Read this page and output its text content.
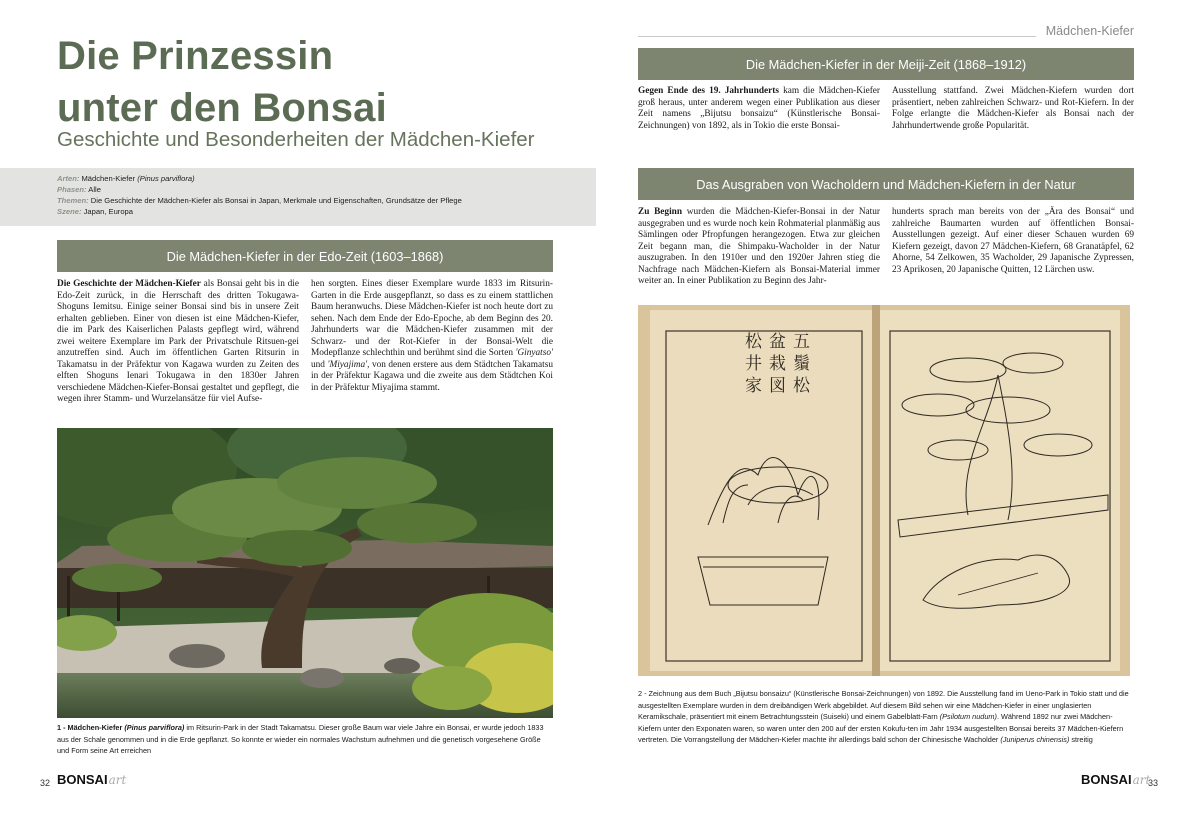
Die Prinzessin
unter den Bonsai
Geschichte und Besonderheiten der Mädchen-Kiefer
Arten: Mädchen-Kiefer (Pinus parviflora)
Phasen: Alle
Themen: Die Geschichte der Mädchen-Kiefer als Bonsai in Japan, Merkmale und Eigenschaften, Grundsätze der Pflege
Szene: Japan, Europa
Die Mädchen-Kiefer in der Edo-Zeit (1603–1868)
Die Geschichte der Mädchen-Kiefer als Bonsai geht bis in die Edo-Zeit zurück, in die Herrschaft des dritten Tokugawa-Shoguns Iemitsu. Einige seiner Bonsai sind bis in unsere Zeit erhalten geblieben. Einer von diesen ist eine Mädchen-Kiefer, die im Park des Kaiserlichen Palasts gepflegt wird, während zwei weitere Exemplare im Park der Privatschule Ritsuen-gei anzutreffen sind. Auch im öffentlichen Garten Ritsurin in Takamatsu in der Präfektur von Kagawa wurden zu Zeiten des elften Shoguns Ienari Tokugawa in den 1830er Jahren verschiedene Mädchen-Kiefer-Bonsai gestaltet und gepflegt, die wegen ihrer Stamm- und Wurzelansätze für viel Aufse-
hen sorgten. Eines dieser Exemplare wurde 1833 im Ritsurin-Garten in die Erde ausgepflanzt, so dass es zu einem stattlichen Baum heranwuchs. Diese Mädchen-Kiefer ist noch heute dort zu sehen. Nach dem Ende der Edo-Epoche, ab dem Beginn des 20. Jahrhunderts war die Mädchen-Kiefer zusammen mit der Schwarz- und der Rot-Kiefer in der Bonsai-Welt die Modepflanze schlechthin und berühmt sind die Sorten 'Ginyatso' und 'Miyajima', von denen erstere aus dem Städtchen Takamatsu in der Präfektur Kagawa und die zweite aus dem Städtchen Koi in der Präfektur Miyajima stammt.
1 - Mädchen-Kiefer (Pinus parviflora) im Ritsurin-Park in der Stadt Takamatsu. Dieser große Baum war viele Jahre ein Bonsai, er wurde jedoch 1833 aus der Schale genommen und in die Erde gepflanzt. So konnte er wieder ein normales Wachstum aufnehmen und die genetisch vorgesehene Größe und Form seine Art erreichen
32 BONSAIart
Mädchen-Kiefer
Die Mädchen-Kiefer in der Meiji-Zeit (1868–1912)
Gegen Ende des 19. Jahrhunderts kam die Mädchen-Kiefer groß heraus, unter anderem wegen einer Publikation aus dieser Zeit namens „Bijutsu bonsaizu“ (Künstlerische Bonsai-Zeichnungen) von 1892, als in Tokio die erste Bonsai-
Ausstellung stattfand. Zwei Mädchen-Kiefern wurden dort präsentiert, neben zahlreichen Schwarz- und Rot-Kiefern. In der Folge erlangte die Mädchen-Kiefer als Bonsai nach der Jahrhundertwende große Popularität.
Das Ausgraben von Wacholdern und Mädchen-Kiefern in der Natur
Zu Beginn wurden die Mädchen-Kiefer-Bonsai in der Natur ausgegraben und es wurde noch kein Rohmaterial planmäßig aus Sämlingen oder Pfropfungen herangezogen. Etwa zur gleichen Zeit begann man, die Shimpaku-Wacholder in der Natur auszugraben. In den 1910er und den 1920er Jahren stieg die Nachfrage nach Mädchen-Kiefern als Bonsai-Material immer weiter an. In einer Publikation zu Beginn des Jahr-
hunderts sprach man bereits von der „Ära des Bonsai“ und zahlreiche Baumarten wurden auf öffentlichen Bonsai-Ausstellungen gezeigt. Auf einer dieser Schauen wurden 69 Kiefern gezeigt, davon 27 Mädchen-Kiefern, 68 Granatäpfel, 62 Ahorne, 54 Zelkowen, 35 Wacholder, 29 Japanische Zypressen, 23 Aprikosen, 20 Japanische Quitten, 12 Lärchen usw.
五鬚松
盆栽図
松井家
2 - Zeichnung aus dem Buch „Bijutsu bonsaizu“ (Künstlerische Bonsai-Zeichnungen) von 1892. Die Ausstellung fand im Ueno-Park in Tokio statt und die ausgestellten Exemplare wurden in dem dreibändigen Werk abgebildet. Auf diesem Bild sehen wir eine Mädchen-Kiefer in einer unglasierten Keramikschale, präsentiert mit einem Betrachtungsstein (Suiseki) und einem Gabelblatt-Farn (Psilotum nudum). Während 1892 nur zwei Mädchen-Kiefern unter den Exponaten waren, so waren unter den 200 auf der ersten Kokufu-ten im Jahr 1934 ausgestellten Bonsai bereits 37 Mädchen-Kiefern vertreten. Die Vorrangstellung der Mädchen-Kiefer machte ihr allerdings bald schon der Chinesische Wacholder (Juniperus chinensis) streitig
BONSAIart
33
